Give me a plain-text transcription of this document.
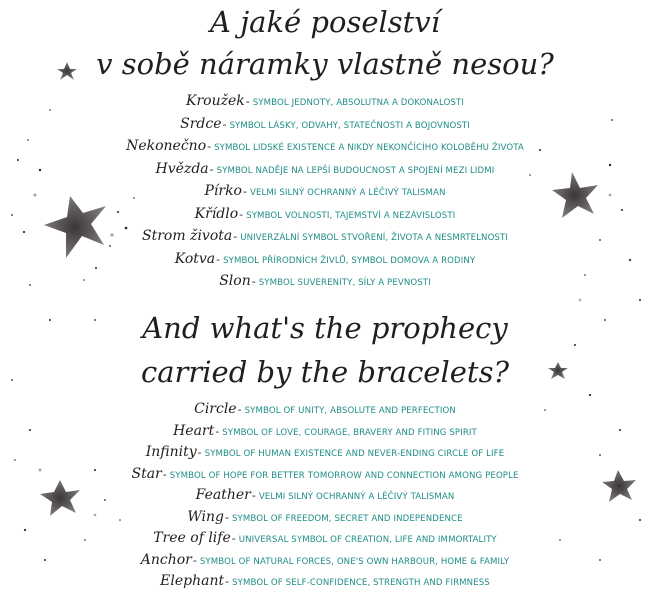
A jaké poselství
v sobě náramky vlastně nesou?
Kroužek- SYMBOL JEDNOTY, ABSOLUTNA A DOKONALOSTI
Srdce- SYMBOL LÁSKY, ODVAHY, STATEČNOSTI A BOJOVNOSTI
Nekonečno- SYMBOL LIDSKÉ EXISTENCE A NIKDY NEKONČÍCÍHO KOLOBĚHU ŽIVOTA
Hvězda- SYMBOL NADĚJE NA LEPŠÍ BUDOUCNOST A SPOJENÍ MEZI LIDMI
Pírko- VELMI SILNÝ OCHRANNÝ A LÉČIVÝ TALISMAN
Křídlo- SYMBOL VOLNOSTI, TAJEMSTVÍ A NEZÁVISLOSTI
Strom života- UNIVERZÁLNÍ SYMBOL STVOŘENÍ, ŽIVOTA A NESMRTELNOSTI
Kotva- SYMBOL PŘÍRODNÍCH ŽIVLŮ, SYMBOL DOMOVA A RODINY
Slon- SYMBOL SUVERENITY, SÍLY A PEVNOSTI
And what's the prophecy
carried by the bracelets?
Circle- SYMBOL OF UNITY, ABSOLUTE AND PERFECTION
Heart- SYMBOL OF LOVE, COURAGE, BRAVERY AND FITING SPIRIT
Infinity- SYMBOL OF HUMAN EXISTENCE AND NEVER-ENDING CIRCLE OF LIFE
Star- SYMBOL OF HOPE FOR BETTER TOMORROW AND CONNECTION AMONG PEOPLE
Feather- VELMI SILNÝ OCHRANNÝ A LÉČIVÝ TALISMAN
Wing- SYMBOL OF FREEDOM, SECRET AND INDEPENDENCE
Tree of life- UNIVERSAL SYMBOL OF CREATION, LIFE AND IMMORTALITY
Anchor- SYMBOL OF NATURAL FORCES, ONE'S OWN HARBOUR, HOME & FAMILY
Elephant- SYMBOL OF SELF-CONFIDENCE, STRENGTH AND FIRMNESS
